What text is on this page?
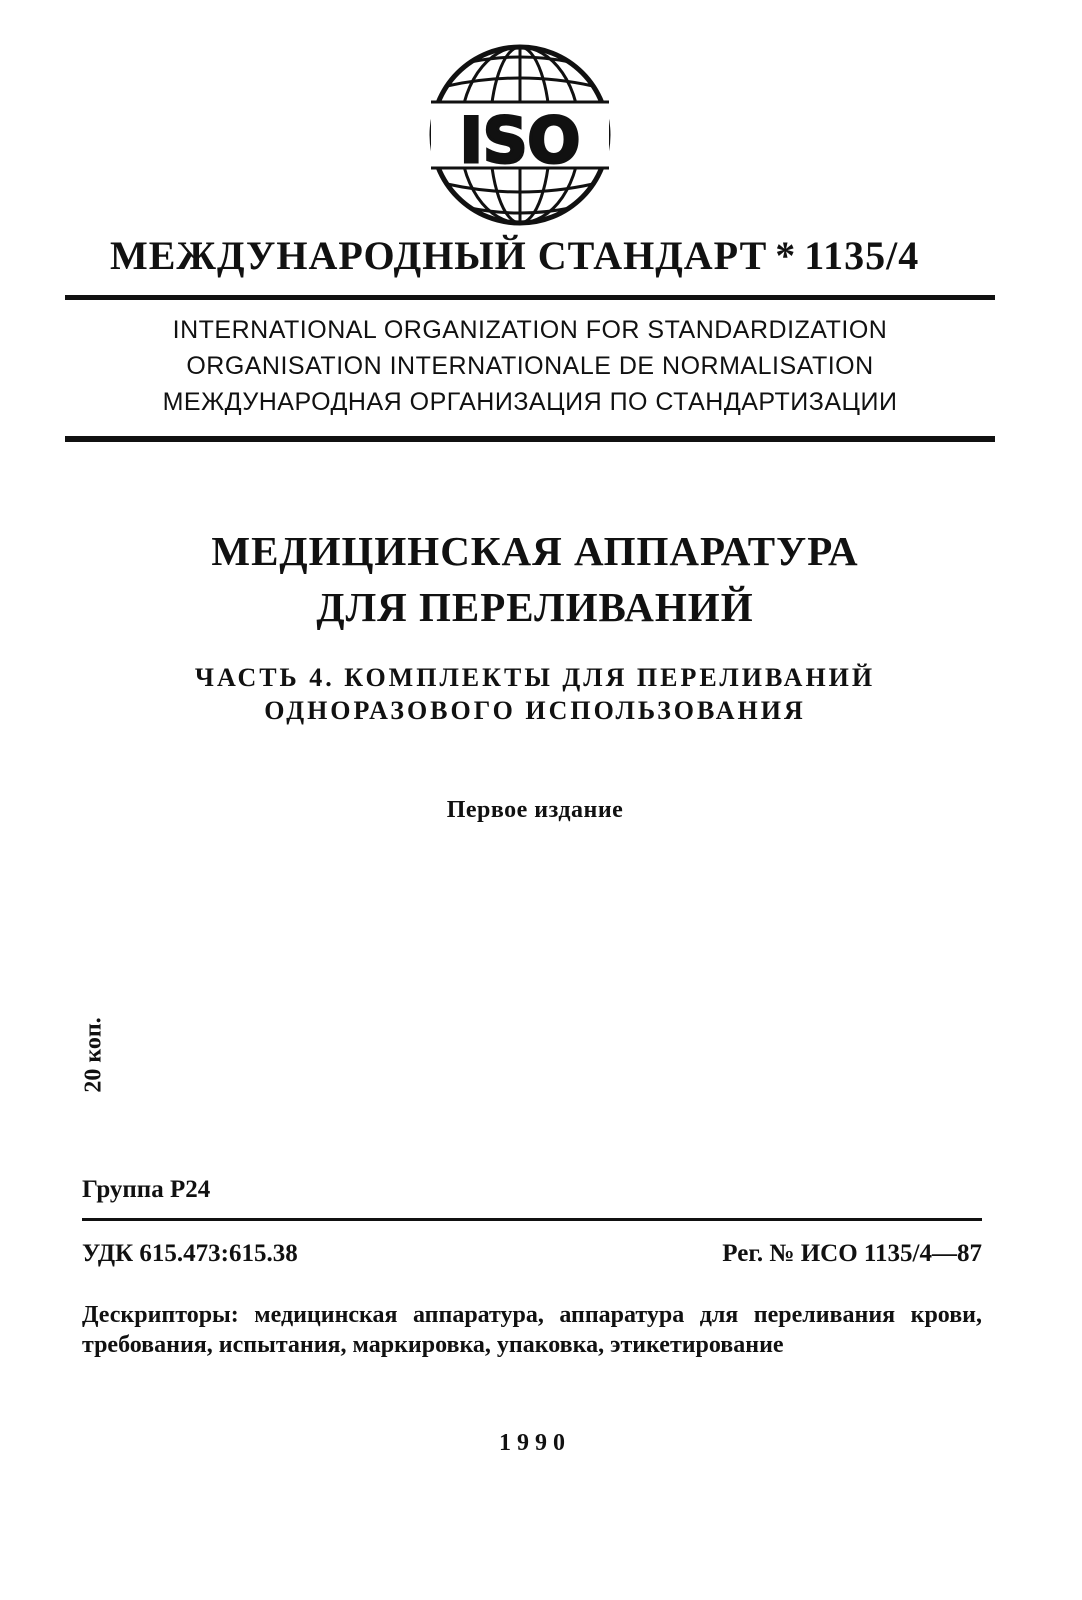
ISO
МЕЖДУНАРОДНЫЙ СТАНДАРТ * 1135/4
INTERNATIONAL ORGANIZATION FOR STANDARDIZATION
ORGANISATION INTERNATIONALE DE NORMALISATION
МЕЖДУНАРОДНАЯ ОРГАНИЗАЦИЯ ПО СТАНДАРТИЗАЦИИ
МЕДИЦИНСКАЯ АППАРАТУРА
ДЛЯ ПЕРЕЛИВАНИЙ
ЧАСТЬ 4. КОМПЛЕКТЫ ДЛЯ ПЕРЕЛИВАНИЙ
ОДНОРАЗОВОГО ИСПОЛЬЗОВАНИЯ
Первое издание
20 коп.
Группа Р24
УДК 615.473:615.38	Рег. № ИСО 1135/4—87
Дескрипторы: медицинская аппаратура, аппаратура для переливания крови, требования, испытания, маркировка, упаковка, этикетирование
1990
